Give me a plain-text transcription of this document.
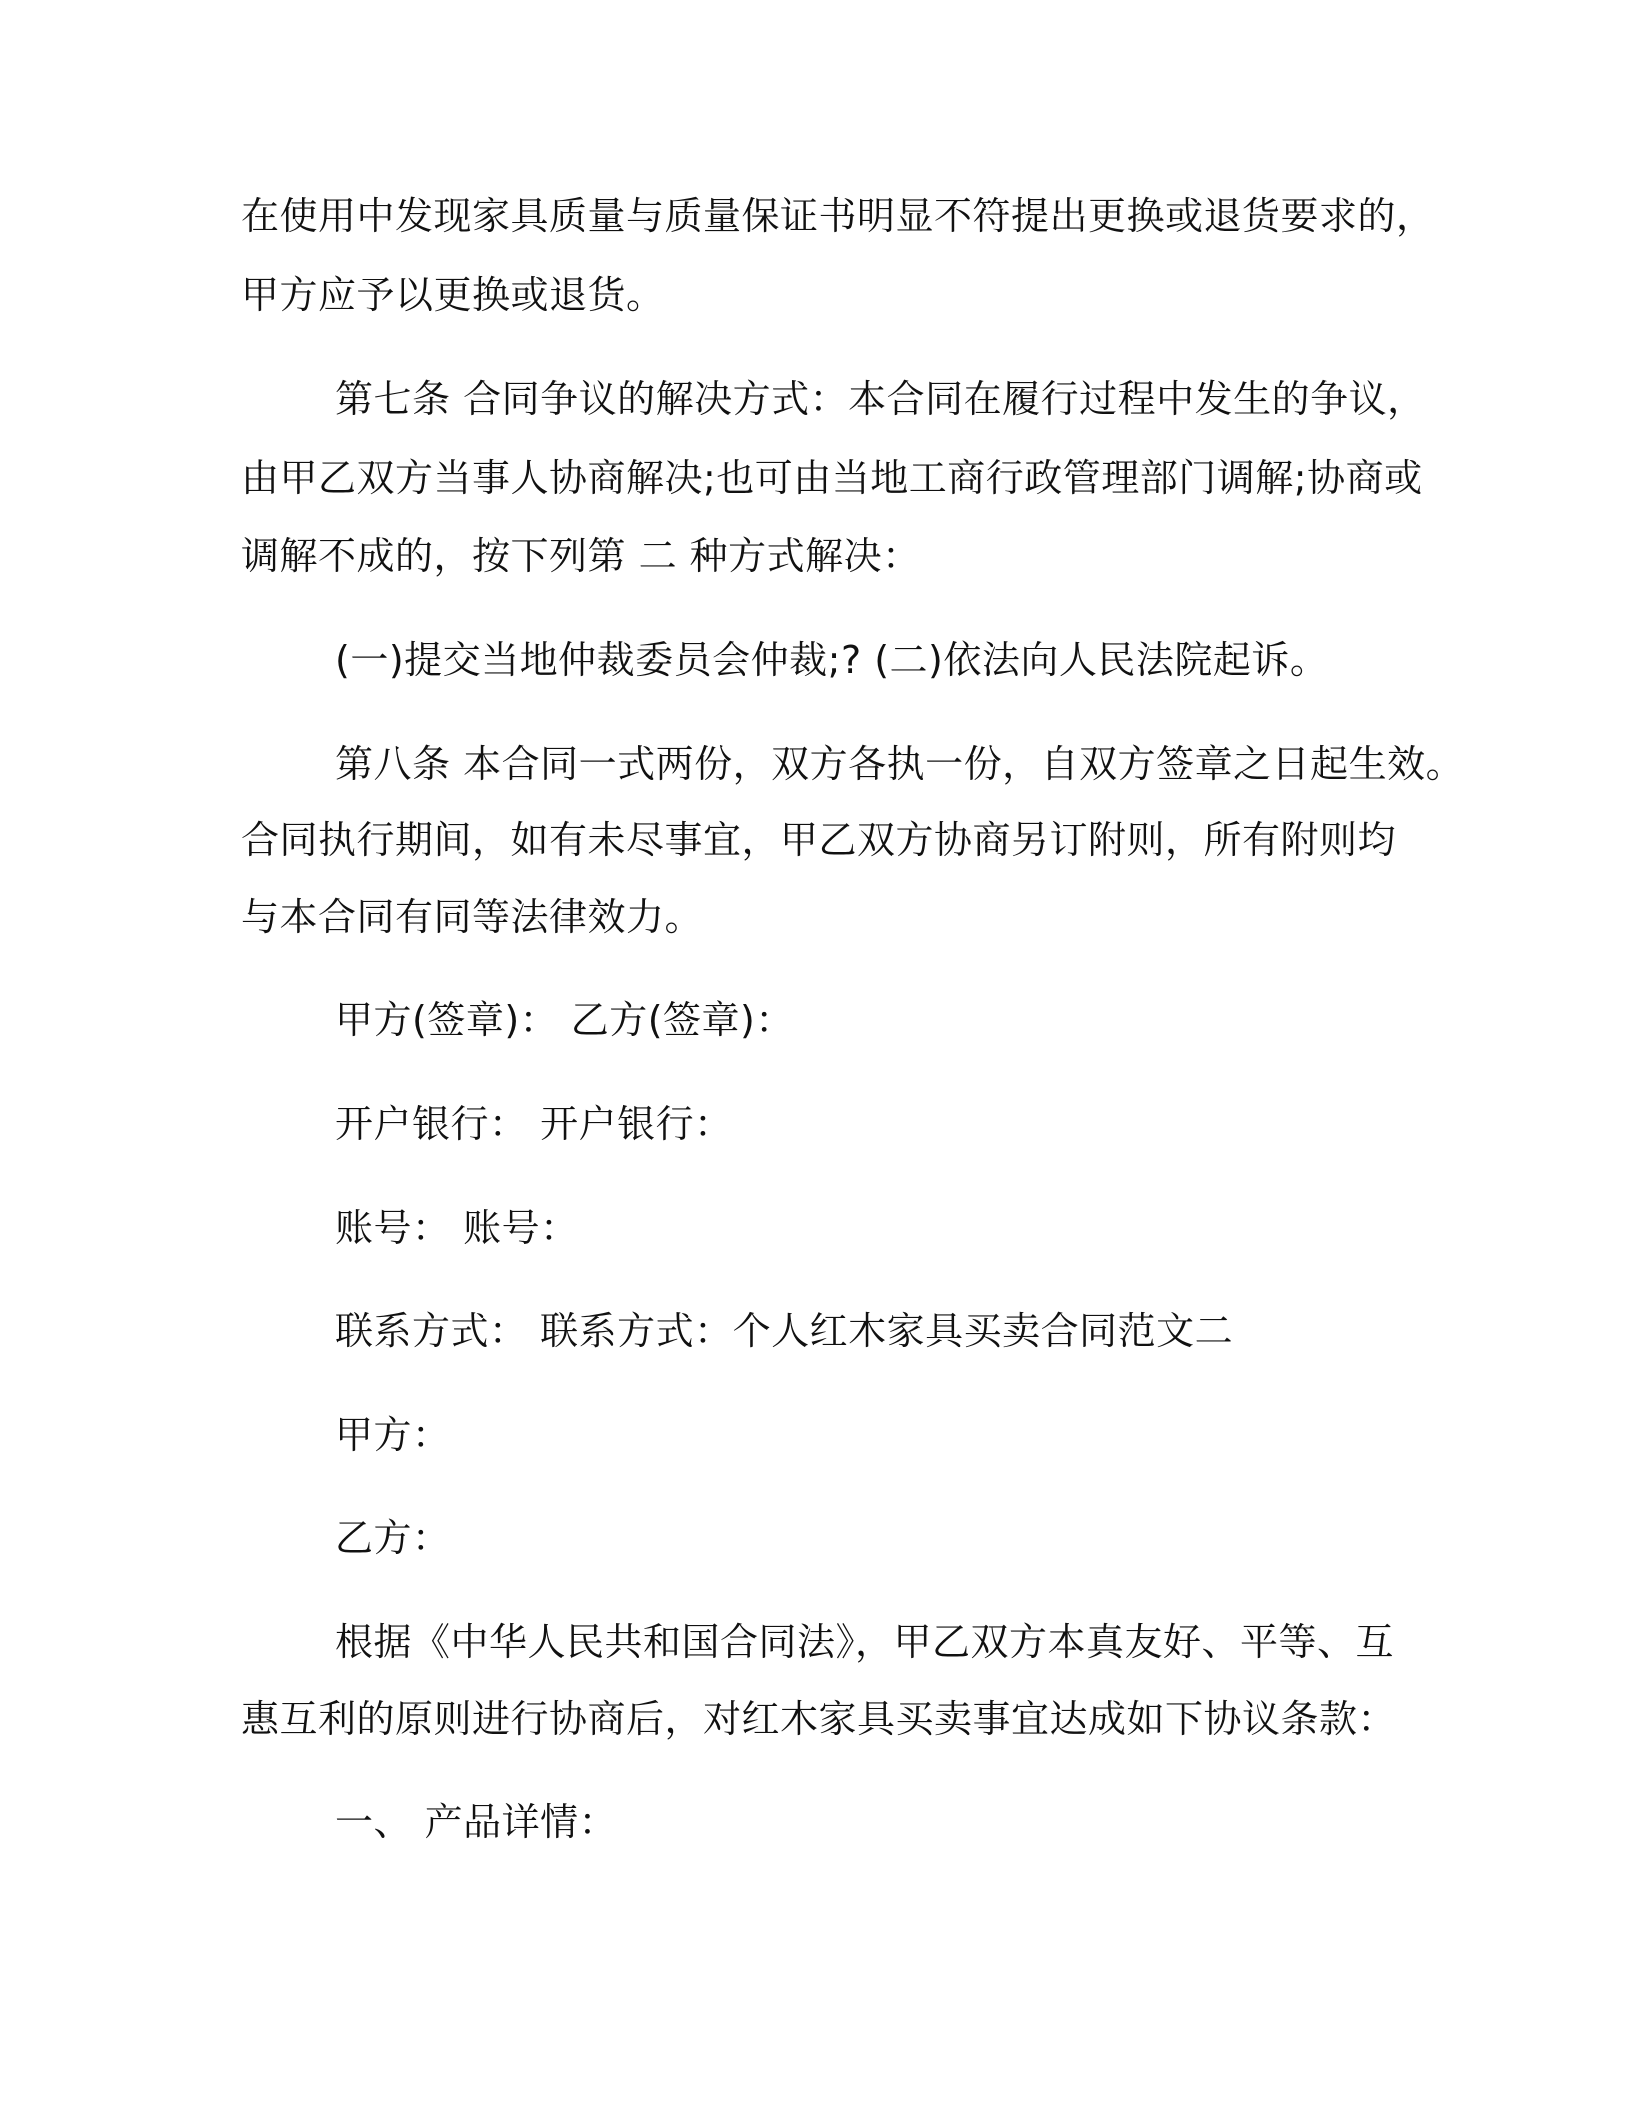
在使用中发现家具质量与质量保证书明显不符提出更换或退货要求的，
甲方应予以更换或退货。
第七条 合同争议的解决方式：本合同在履行过程中发生的争议，
由甲乙双方当事人协商解决;也可由当地工商行政管理部门调解;协商或
调解不成的，按下列第 二 种方式解决：
(一)提交当地仲裁委员会仲裁;? (二)依法向人民法院起诉。
第八条 本合同一式两份，双方各执一份，自双方签章之日起生效。
合同执行期间，如有未尽事宜，甲乙双方协商另订附则，所有附则均
与本合同有同等法律效力。
甲方(签章)： 乙方(签章)：
开户银行： 开户银行：
账号： 账号：
联系方式： 联系方式：个人红木家具买卖合同范文二
甲方：
乙方：
根据《中华人民共和国合同法》，甲乙双方本真友好、平等、互
惠互利的原则进行协商后，对红木家具买卖事宜达成如下协议条款：
一、 产品详情：
